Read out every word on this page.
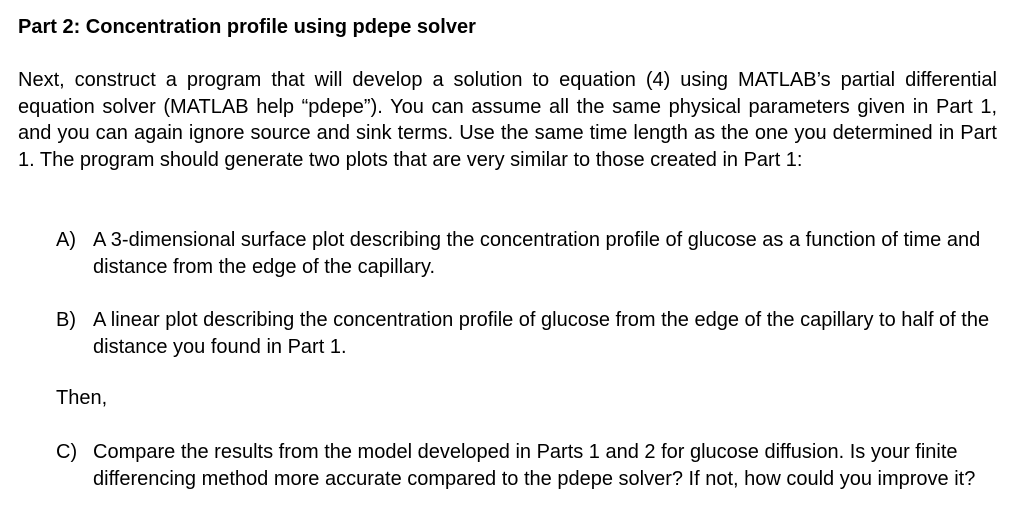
Part 2: Concentration profile using pdepe solver

Next, construct a program that will develop a solution to equation (4) using MATLAB’s partial differential equation solver (MATLAB help “pdepe”). You can assume all the same physical parameters given in Part 1, and you can again ignore source and sink terms. Use the same time length as the one you determined in Part 1. The program should generate two plots that are very similar to those created in Part 1:

A) A 3-dimensional surface plot describing the concentration profile of glucose as a function of time and distance from the edge of the capillary.
B) A linear plot describing the concentration profile of glucose from the edge of the capillary to half of the distance you found in Part 1.
Then,
C) Compare the results from the model developed in Parts 1 and 2 for glucose diffusion. Is your finite differencing method more accurate compared to the pdepe solver? If not, how could you improve it?
